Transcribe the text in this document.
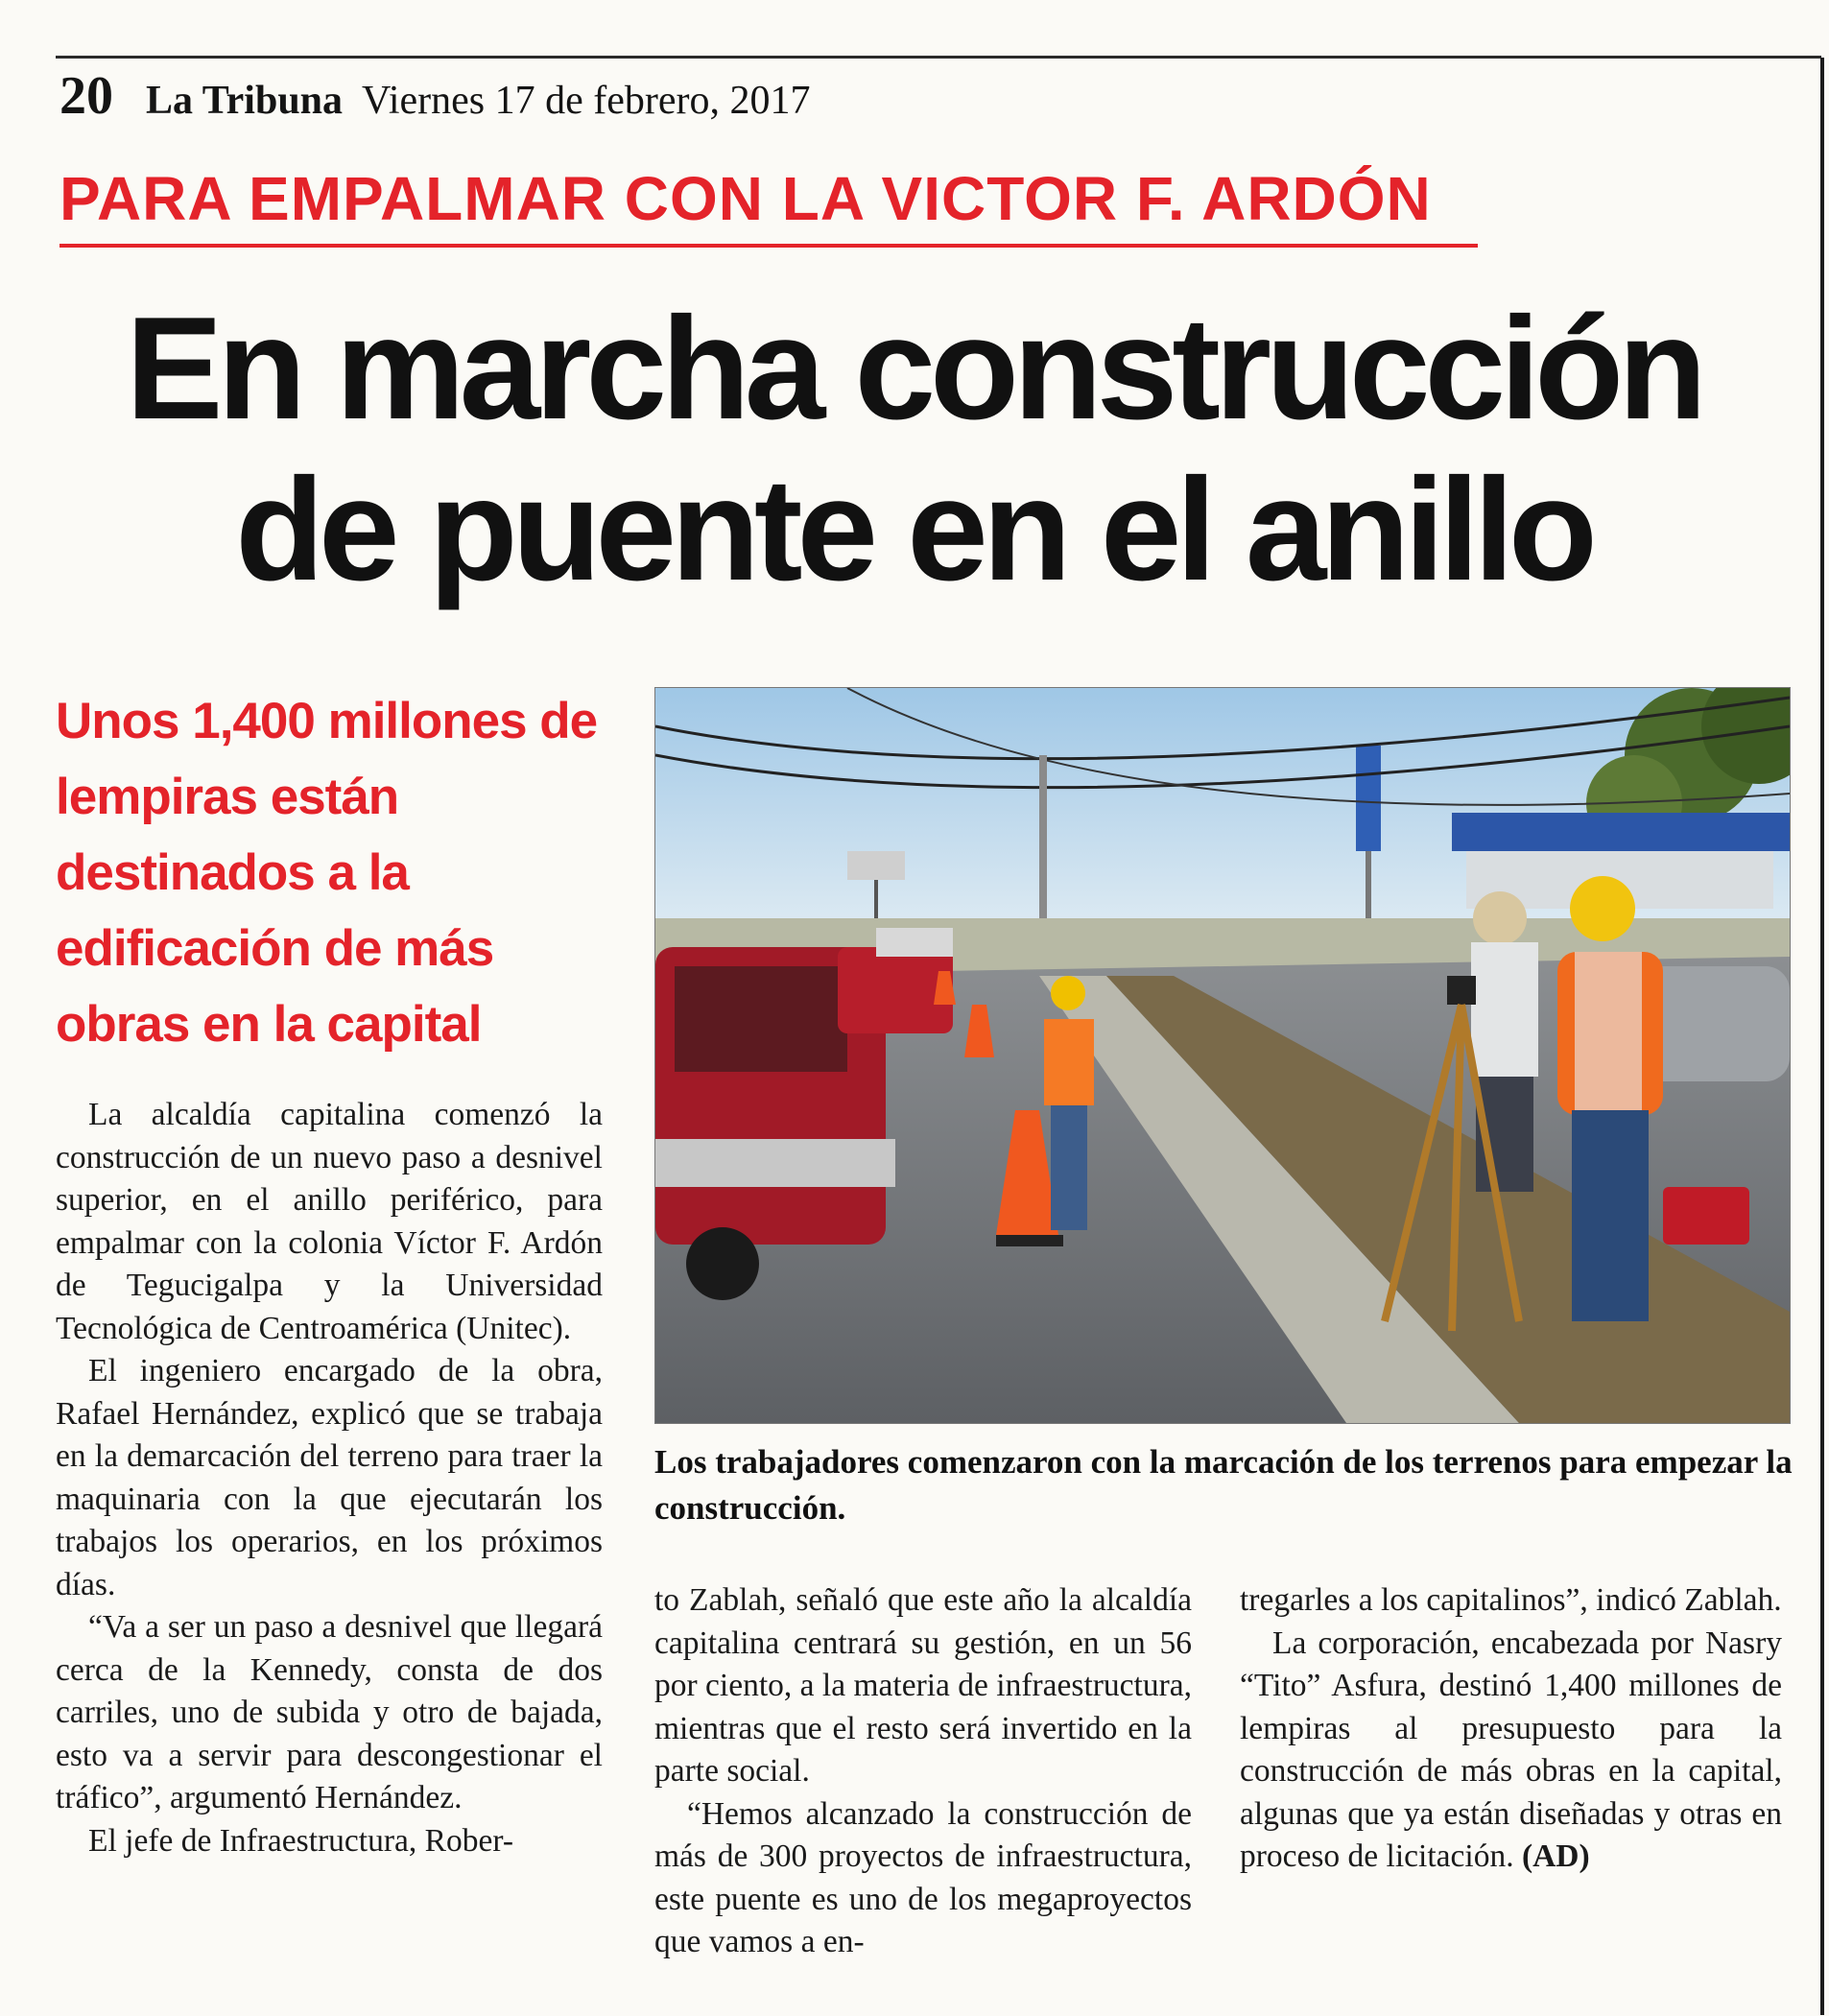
20 La Tribuna Viernes 17 de febrero, 2017
PARA EMPALMAR CON LA VICTOR F. ARDÓN
En marcha construcción
de puente en el anillo
Unos 1,400 millones de lempiras están destinados a la edificación de más obras en la capital
Los trabajadores comenzaron con la marcación de los terrenos para empezar la construcción.

La alcaldía capitalina comenzó la construcción de un nuevo paso a desnivel superior, en el anillo periférico, para empalmar con la colonia Víctor F. Ardón de Tegucigalpa y la Universidad Tecnológica de Centroamérica (Unitec).

El ingeniero encargado de la obra, Rafael Hernández, explicó que se trabaja en la demarcación del terreno para traer la maquinaria con la que ejecutarán los trabajos los operarios, en los próximos días.

“Va a ser un paso a desnivel que llegará cerca de la Kennedy, consta de dos carriles, uno de subida y otro de bajada, esto va a servir para descongestionar el tráfico”, argumentó Hernández.

El jefe de Infraestructura, Rober-

to Zablah, señaló que este año la alcaldía capitalina centrará su gestión, en un 56 por ciento, a la materia de infraestructura, mientras que el resto será invertido en la parte social.

“Hemos alcanzado la construcción de más de 300 proyectos de infraestructura, este puente es uno de los megaproyectos que vamos a en-

tregarles a los capitalinos”, indicó Zablah.

La corporación, encabezada por Nasry “Tito” Asfura, destinó 1,400 millones de lempiras al presupuesto para la construcción de más obras en la capital, algunas que ya están diseñadas y otras en proceso de licitación. (AD)
